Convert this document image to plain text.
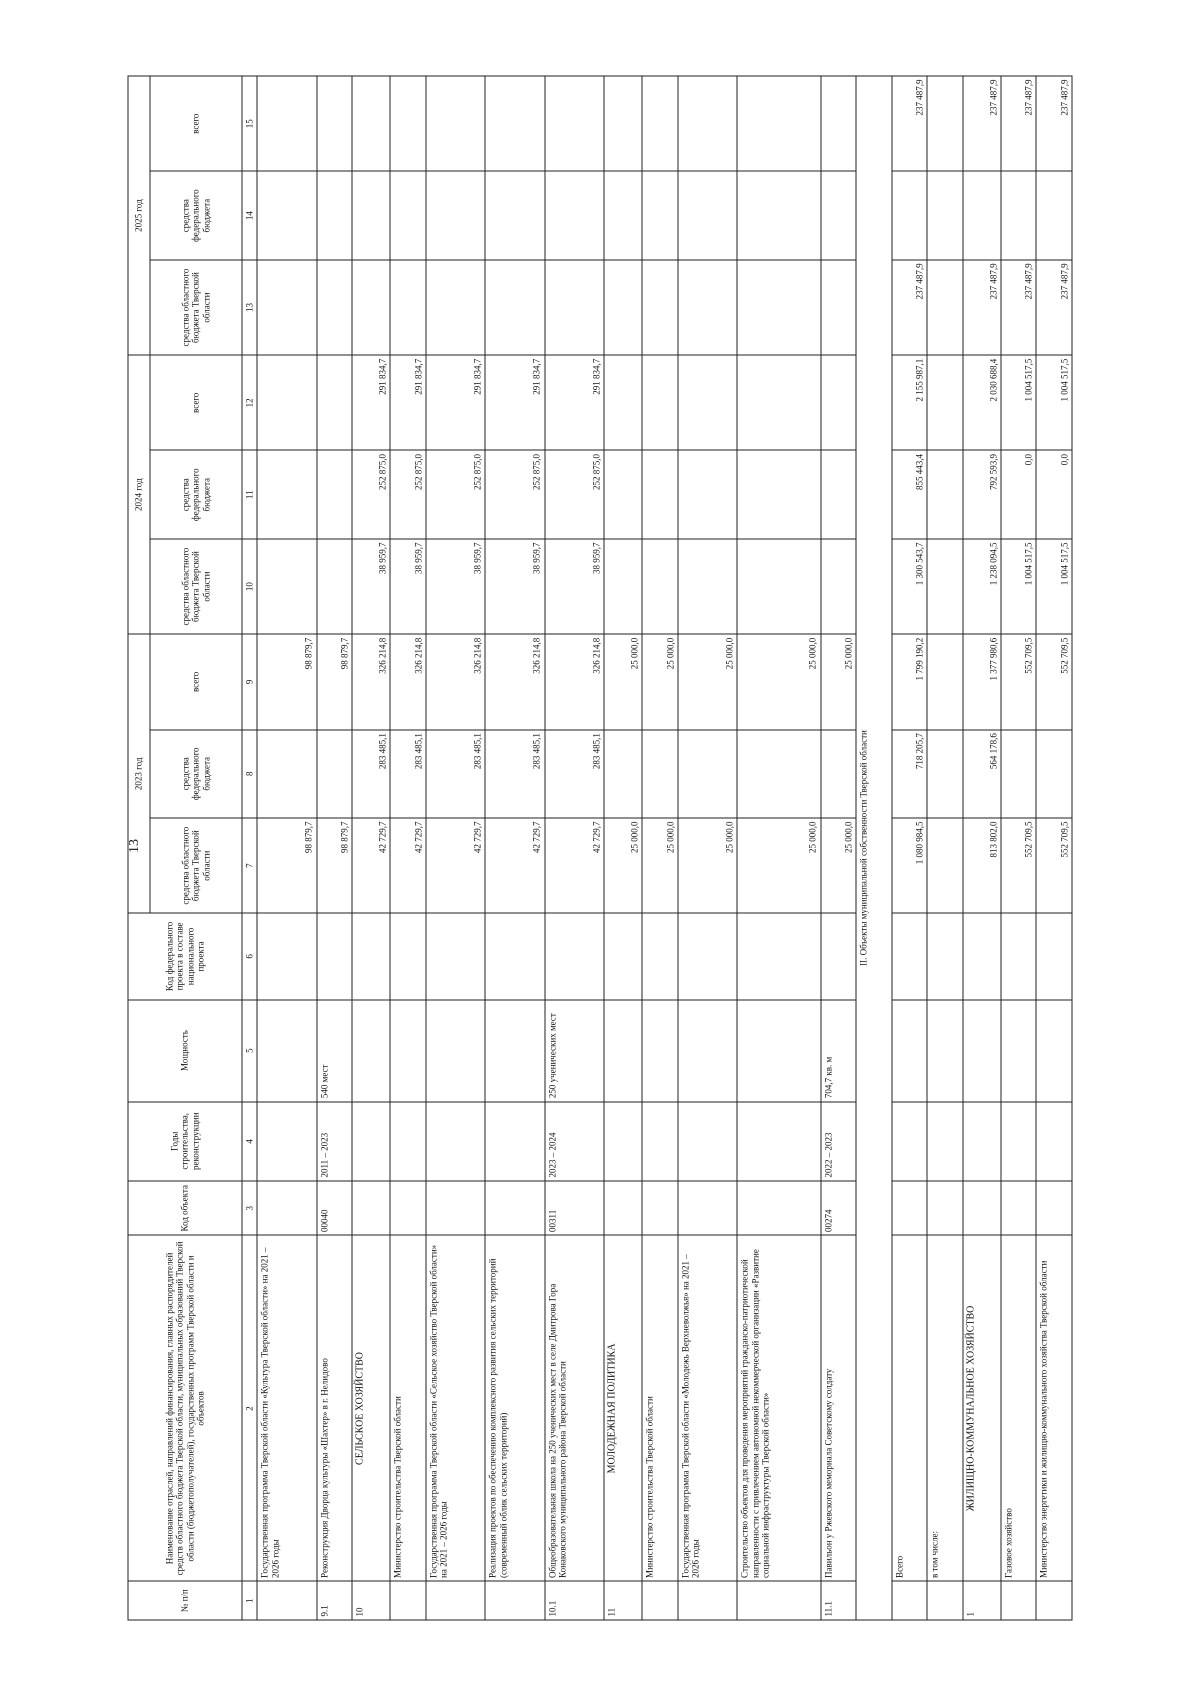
13
№ п/п	Наименование отраслей, направлений финансирования, главных распорядителей средств областного бюджета Тверской области, муниципальных образований Тверской области (бюджетополучателей), государственных программ Тверской области и объектов	Код объекта	Годы строительства, реконструкции	Мощность	Код федерального проекта в составе национального проекта	2023 год			2024 год			2025 год		
						средства областного бюджета Тверской области	средства федерального бюджета	всего	средства областного бюджета Тверской области	средства федерального бюджета	всего	средства областного бюджета Тверской области	средства федерального бюджета	всего
1	2	3	4	5	6	7	8	9	10	11	12	13	14	15
	Государственная программа Тверской области «Культура Тверской области» на 2021 – 2026 годы					98 879,7		98 879,7						
9.1	Реконструкция Дворца культуры «Шахтер» в г. Нелидово	00040	2011 – 2023	540 мест		98 879,7		98 879,7						
10	СЕЛЬСКОЕ ХОЗЯЙСТВО					42 729,7	283 485,1	326 214,8	38 959,7	252 875,0	291 834,7			
	Министерство строительства Тверской области					42 729,7	283 485,1	326 214,8	38 959,7	252 875,0	291 834,7			
	Государственная программа Тверской области «Сельское хозяйство Тверской области» на 2021 – 2026 годы					42 729,7	283 485,1	326 214,8	38 959,7	252 875,0	291 834,7			
	Реализация проектов по обеспечению комплексного развития сельских территорий (современный облик сельских территорий)					42 729,7	283 485,1	326 214,8	38 959,7	252 875,0	291 834,7			
10.1	Общеобразовательная школа на 250 ученических мест в селе Дмитрова Гора Конаковского муниципального района Тверской области	00311	2023 – 2024	250 ученических мест		42 729,7	283 485,1	326 214,8	38 959,7	252 875,0	291 834,7			
11	МОЛОДЕЖНАЯ ПОЛИТИКА					25 000,0		25 000,0						
	Министерство строительства Тверской области					25 000,0		25 000,0						
	Государственная программа Тверской области «Молодежь Верхневолжья» на 2021 – 2026 годы					25 000,0		25 000,0						
	Строительство объектов для проведения мероприятий гражданско-патриотической направленности с привлечением автономной некоммерческой организации «Развитие социальной инфраструктуры Тверской области»					25 000,0		25 000,0						
11.1	Павильон у Ржевского мемориала Советскому солдату	00274	2022 – 2023	704,7 кв. м		25 000,0		25 000,0						
II. Объекты муниципальной собственности Тверской области														
	Всего					1 080 984,5	718 205,7	1 799 190,2	1 300 543,7	855 443,4	2 155 987,1	237 487,9		237 487,9
	в том числе:													
1	ЖИЛИЩНО-КОММУНАЛЬНОЕ ХОЗЯЙСТВО					813 802,0	564 178,6	1 377 980,6	1 238 094,5	792 593,9	2 030 688,4	237 487,9		237 487,9
	Газовое хозяйство					552 709,5		552 709,5	1 004 517,5	0,0	1 004 517,5	237 487,9		237 487,9
	Министерство энергетики и жилищно-коммунального хозяйства Тверской области					552 709,5		552 709,5	1 004 517,5	0,0	1 004 517,5	237 487,9		237 487,9
